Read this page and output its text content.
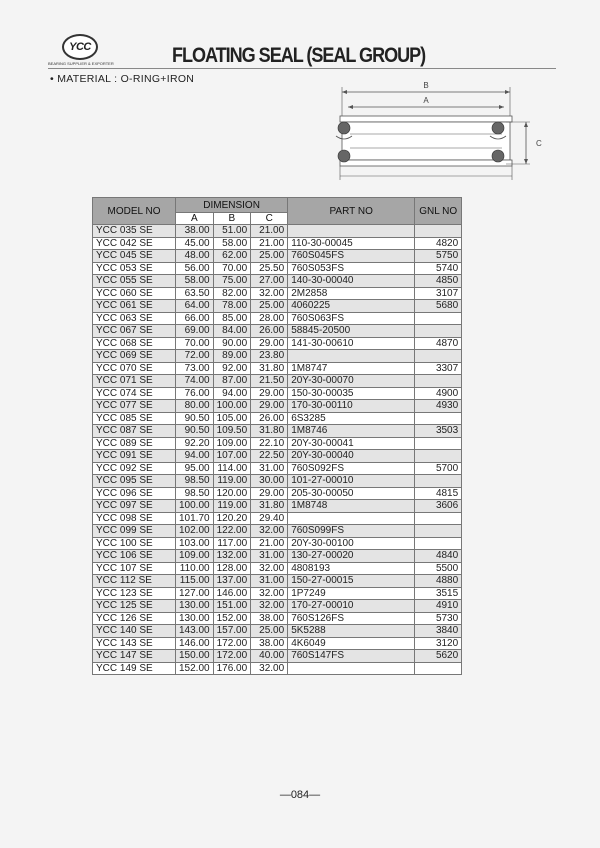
YCC
BEARING SUPPLIER & EXPORTER	FLOATING SEAL (SEAL GROUP)
• MATERIAL : O-RING+IRON
B
A
C
MODEL NO	DIMENSION			PART NO	GNL NO
	A	B	C		
YCC 035 SE	38.00	51.00	21.00		
YCC 042 SE	45.00	58.00	21.00	110-30-00045	4820
YCC 045 SE	48.00	62.00	25.00	760S045FS	5750
YCC 053 SE	56.00	70.00	25.50	760S053FS	5740
YCC 055 SE	58.00	75.00	27.00	140-30-00040	4850
YCC 060 SE	63.50	82.00	32.00	2M2858	3107
YCC 061 SE	64.00	78.00	25.00	4060225	5680
YCC 063 SE	66.00	85.00	28.00	760S063FS	
YCC 067 SE	69.00	84.00	26.00	58845-20500	
YCC 068 SE	70.00	90.00	29.00	141-30-00610	4870
YCC 069 SE	72.00	89.00	23.80		
YCC 070 SE	73.00	92.00	31.80	1M8747	3307
YCC 071 SE	74.00	87.00	21.50	20Y-30-00070	
YCC 074 SE	76.00	94.00	29.00	150-30-00035	4900
YCC 077 SE	80.00	100.00	29.00	170-30-00110	4930
YCC 085 SE	90.50	105.00	26.00	6S3285	
YCC 087 SE	90.50	109.50	31.80	1M8746	3503
YCC 089 SE	92.20	109.00	22.10	20Y-30-00041	
YCC 091 SE	94.00	107.00	22.50	20Y-30-00040	
YCC 092 SE	95.00	114.00	31.00	760S092FS	5700
YCC 095 SE	98.50	119.00	30.00	101-27-00010	
YCC 096 SE	98.50	120.00	29.00	205-30-00050	4815
YCC 097 SE	100.00	119.00	31.80	1M8748	3606
YCC 098 SE	101.70	120.20	29.40		
YCC 099 SE	102.00	122.00	32.00	760S099FS	
YCC 100 SE	103.00	117.00	21.00	20Y-30-00100	
YCC 106 SE	109.00	132.00	31.00	130-27-00020	4840
YCC 107 SE	110.00	128.00	32.00	4808193	5500
YCC 112 SE	115.00	137.00	31.00	150-27-00015	4880
YCC 123 SE	127.00	146.00	32.00	1P7249	3515
YCC 125 SE	130.00	151.00	32.00	170-27-00010	4910
YCC 126 SE	130.00	152.00	38.00	760S126FS	5730
YCC 140 SE	143.00	157.00	25.00	5K5288	3840
YCC 143 SE	146.00	172.00	38.00	4K6049	3120
YCC 147 SE	150.00	172.00	40.00	760S147FS	5620
YCC 149 SE	152.00	176.00	32.00		
—084—
